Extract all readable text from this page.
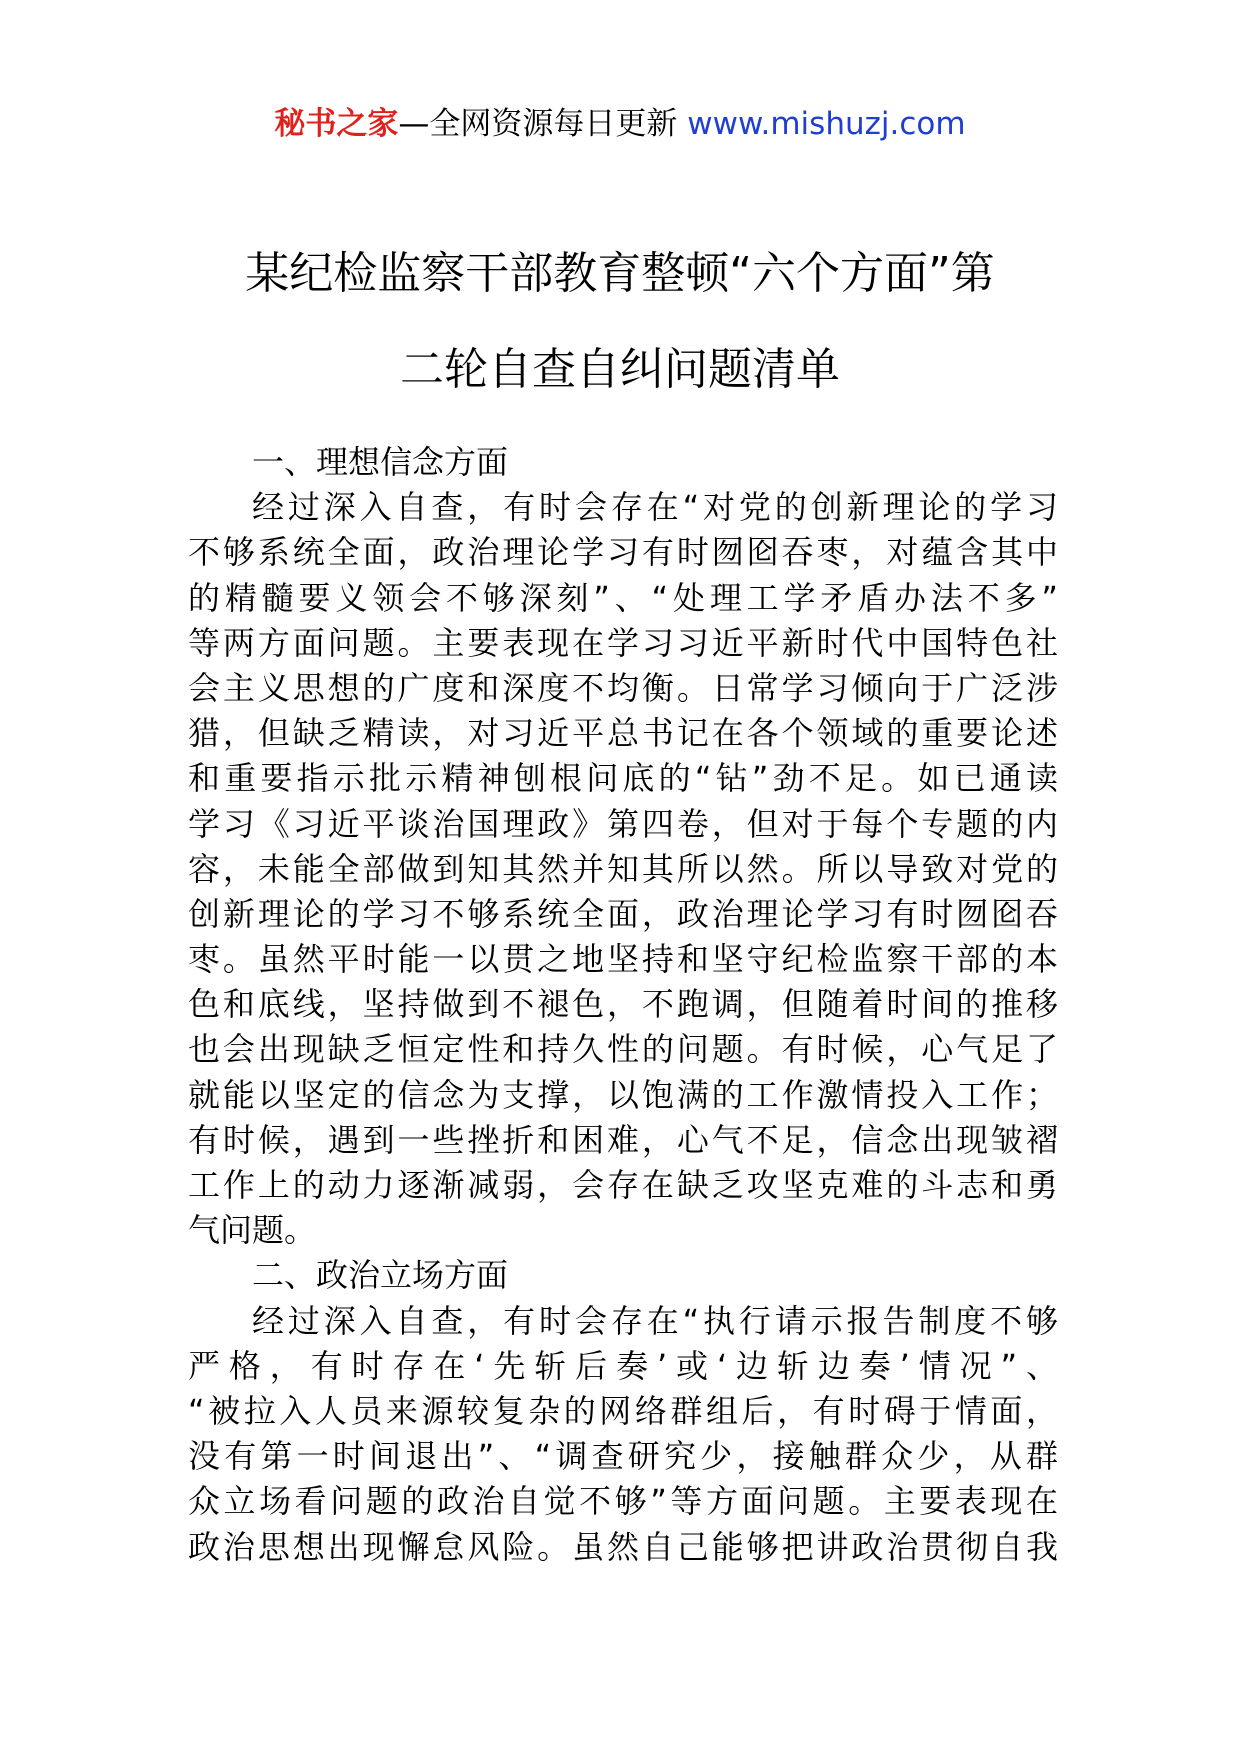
秘书之家—全网资源每日更新 www.mishuzj.com
某纪检监察干部教育整顿“六个方面”第
二轮自查自纠问题清单
一、理想信念方面
经过深入自查，有时会存在“对党的创新理论的学习
不够系统全面，政治理论学习有时囫囵吞枣，对蕴含其中
的精髓要义领会不够深刻”、“处理工学矛盾办法不多”
等两方面问题。主要表现在学习习近平新时代中国特色社
会主义思想的广度和深度不均衡。日常学习倾向于广泛涉
猎，但缺乏精读，对习近平总书记在各个领域的重要论述
和重要指示批示精神刨根问底的“钻”劲不足。如已通读
学习《习近平谈治国理政》第四卷，但对于每个专题的内
容，未能全部做到知其然并知其所以然。所以导致对党的
创新理论的学习不够系统全面，政治理论学习有时囫囵吞
枣。虽然平时能一以贯之地坚持和坚守纪检监察干部的本
色和底线，坚持做到不褪色，不跑调，但随着时间的推移
也会出现缺乏恒定性和持久性的问题。有时候，心气足了
就能以坚定的信念为支撑，以饱满的工作激情投入工作；
有时候，遇到一些挫折和困难，心气不足，信念出现皱褶
工作上的动力逐渐减弱，会存在缺乏攻坚克难的斗志和勇
气问题。
二、政治立场方面
经过深入自查，有时会存在“执行请示报告制度不够
严格，有时存在‘先斩后奏’或‘边斩边奏’情况”、
“被拉入人员来源较复杂的网络群组后，有时碍于情面，
没有第一时间退出”、“调查研究少，接触群众少，从群
众立场看问题的政治自觉不够”等方面问题。主要表现在
政治思想出现懈怠风险。虽然自己能够把讲政治贯彻自我
